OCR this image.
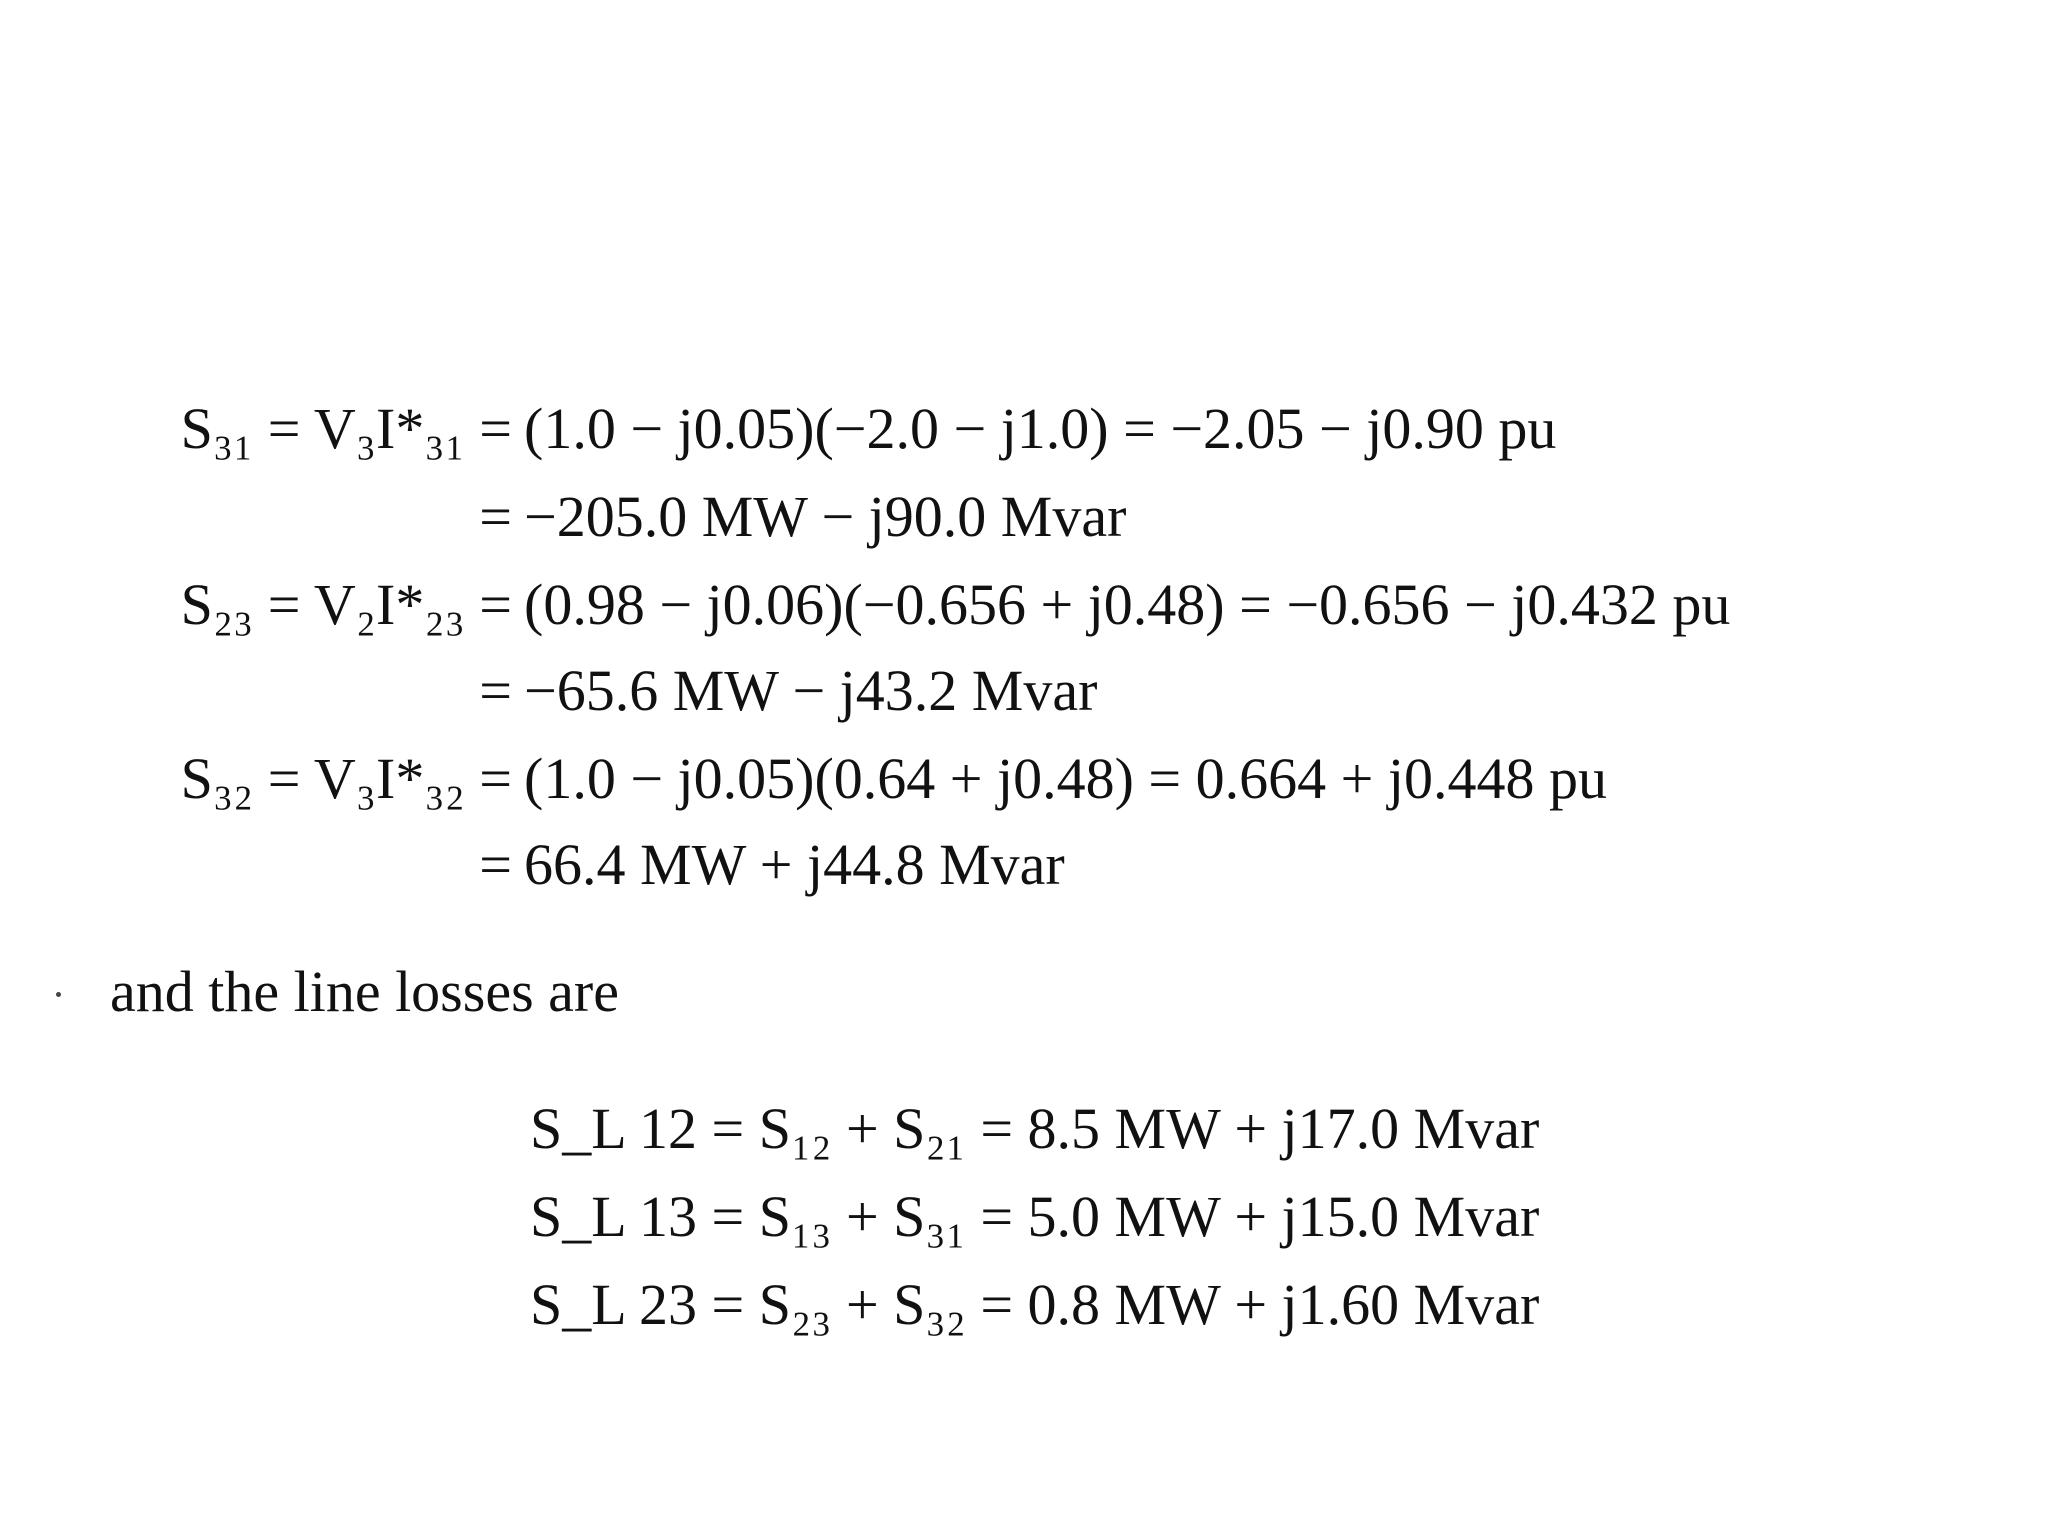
S₃₁ = V₃I*₃₁ = (1.0 − j0.05)(−2.0 − j1.0) = −2.05 − j0.90 pu
= −205.0 MW − j90.0 Mvar
S₂₃ = V₂I*₂₃ = (0.98 − j0.06)(−0.656 + j0.48) = −0.656 − j0.432 pu
= −65.6 MW − j43.2 Mvar
S₃₂ = V₃I*₃₂ = (1.0 − j0.05)(0.64 + j0.48) = 0.664 + j0.448 pu
= 66.4 MW + j44.8 Mvar
and the line losses are
S_L 12 = S₁₂ + S₂₁ = 8.5 MW + j17.0 Mvar
S_L 13 = S₁₃ + S₃₁ = 5.0 MW + j15.0 Mvar
S_L 23 = S₂₃ + S₃₂ = 0.8 MW + j1.60 Mvar
